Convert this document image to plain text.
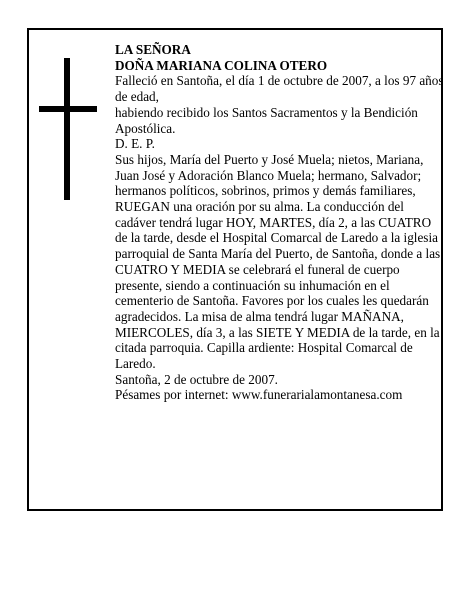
LA SEÑORA

DOÑA MARIANA COLINA OTERO

Falleció en Santoña, el día 1 de octubre de 2007, a los 97 años de edad,

habiendo recibido los Santos Sacramentos y la Bendición Apostólica.

D. E. P.

Sus hijos, María del Puerto y José Muela; nietos, Mariana, Juan José y Adoración Blanco Muela; hermano, Salvador; hermanos políticos, sobrinos, primos y demás familiares,

RUEGAN una oración por su alma. La conducción del cadáver tendrá lugar HOY, MARTES, día 2, a las CUATRO de la tarde, desde el Hospital Comarcal de Laredo a la iglesia parroquial de Santa María del Puerto, de Santoña, donde a las CUATRO Y MEDIA se celebrará el funeral de cuerpo presente, siendo a continuación su inhumación en el cementerio de Santoña. Favores por los cuales les quedarán agradecidos. La misa de alma tendrá lugar MAÑANA, MIERCOLES, día 3, a las SIETE Y MEDIA de la tarde, en la citada parroquia. Capilla ardiente: Hospital Comarcal de Laredo.

Santoña, 2 de octubre de 2007.

Pésames por internet: www.funerarialamontanesa.com
